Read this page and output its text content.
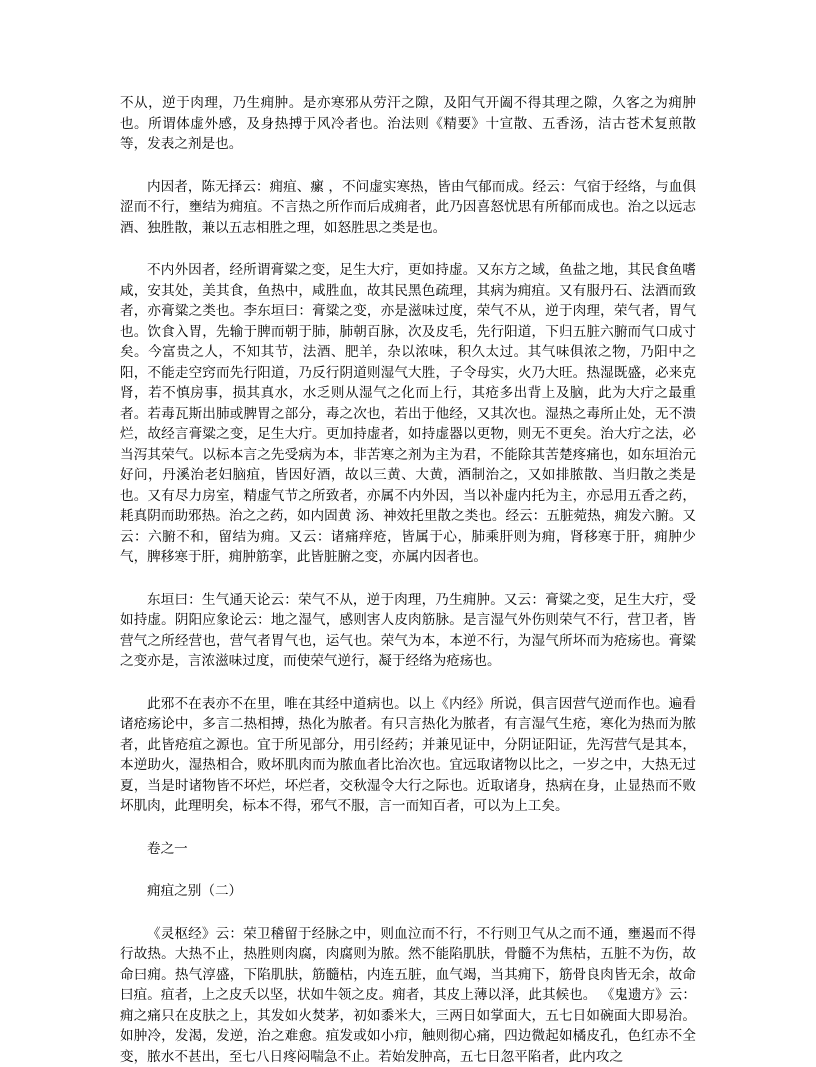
不从，逆于肉理，乃生痈肿。是亦寒邪从劳汗之隙，及阳气开阖不得其理之隙，久客之为痈肿也。所谓体虚外感，及身热搏于风冷者也。治法则《精要》十宣散、五香汤，洁古苍术复煎散等，发表之剂是也。

内因者，陈无择云：痈疽、瘰 ，不问虚实寒热，皆由气郁而成。经云：气宿于经络，与血俱涩而不行，壅结为痈疽。不言热之所作而后成痈者，此乃因喜怒忧思有所郁而成也。治之以远志酒、独胜散，兼以五志相胜之理，如怒胜思之类是也。

不内外因者，经所谓膏粱之变，足生大疔，更如持虚。又东方之域，鱼盐之地，其民食鱼嗜咸，安其处，美其食，鱼热中，咸胜血，故其民黑色疏理，其病为痈疽。又有服丹石、法酒而致者，亦膏粱之类也。李东垣曰：膏粱之变，亦是滋味过度，荣气不从，逆于肉理，荣气者，胃气也。饮食入胃，先输于脾而朝于肺，肺朝百脉，次及皮毛，先行阳道，下归五脏六腑而气口成寸矣。今富贵之人，不知其节，法酒、肥羊，杂以浓味，积久太过。其气味俱浓之物，乃阳中之阳，不能走空窍而先行阳道，乃反行阴道则湿气大胜，子令母实，火乃大旺。热湿既盛，必来克肾，若不慎房事，损其真水，水乏则从湿气之化而上行，其疮多出背上及脑，此为大疔之最重者。若毒瓦斯出肺或脾胃之部分，毒之次也，若出于他经，又其次也。湿热之毒所止处，无不溃烂，故经言膏粱之变，足生大疔。更加持虚者，如持虚器以更物，则无不更矣。治大疔之法，必当泻其荣气。以标本言之先受病为本，非苦寒之剂为主为君，不能除其苦楚疼痛也，如东垣治元好问，丹溪治老妇脑疽，皆因好酒，故以三黄、大黄，酒制治之，又如排脓散、当归散之类是也。又有尽力房室，精虚气节之所致者，亦属不内外因，当以补虚内托为主，亦忌用五香之药，耗真阴而助邪热。治之之药，如内固黄 汤、神效托里散之类也。经云：五脏菀热，痈发六腑。又云：六腑不和，留结为痈。又云：诸痛痒疮，皆属于心，肺乘肝则为痈，肾移寒于肝，痈肿少气，脾移寒于肝，痈肿筋挛，此皆脏腑之变，亦属内因者也。

东垣曰：生气通天论云：荣气不从，逆于肉理，乃生痈肿。又云：膏粱之变，足生大疔，受如持虚。阴阳应象论云：地之湿气，感则害人皮肉筋脉。是言湿气外伤则荣气不行，营卫者，皆营气之所经营也，营气者胃气也，运气也。荣气为本，本逆不行，为湿气所坏而为疮疡也。膏粱之变亦是，言浓滋味过度，而使荣气逆行，凝于经络为疮疡也。

此邪不在表亦不在里，唯在其经中道病也。以上《内经》所说，俱言因营气逆而作也。遍看诸疮疡论中，多言二热相搏，热化为脓者。有只言热化为脓者，有言湿气生疮，寒化为热而为脓者，此皆疮疽之源也。宜于所见部分，用引经药；并兼见证中，分阴证阳证，先泻营气是其本，本逆助火，湿热相合，败坏肌肉而为脓血者比治次也。宜远取诸物以比之，一岁之中，大热无过夏，当是时诸物皆不坏烂，坏烂者，交秋湿令大行之际也。近取诸身，热病在身，止显热而不败坏肌肉，此理明矣，标本不得，邪气不服，言一而知百者，可以为上工矣。

卷之一

痈疽之别（二）

《灵枢经》云：荣卫稽留于经脉之中，则血泣而不行，不行则卫气从之而不通，壅遏而不得行故热。大热不止，热胜则肉腐，肉腐则为脓。然不能陷肌肤，骨髓不为焦枯，五脏不为伤，故命曰痈。热气淳盛，下陷肌肤，筋髓枯，内连五脏，血气竭，当其痈下，筋骨良肉皆无余，故命曰疽。疽者，上之皮夭以坚，状如牛领之皮。痈者，其皮上薄以泽，此其候也。 《鬼遗方》云：痈之痛只在皮肤之上，其发如火焚茅，初如黍米大，三两日如掌面大，五七日如碗面大即易治。如肿冷，发渴，发逆，治之难愈。疽发或如小疖，触则彻心痛，四边微起如橘皮孔，色红赤不全变，脓水不甚出，至七八日疼闷喘急不止。若始发肿高，五七日忽平陷者，此内攻之
